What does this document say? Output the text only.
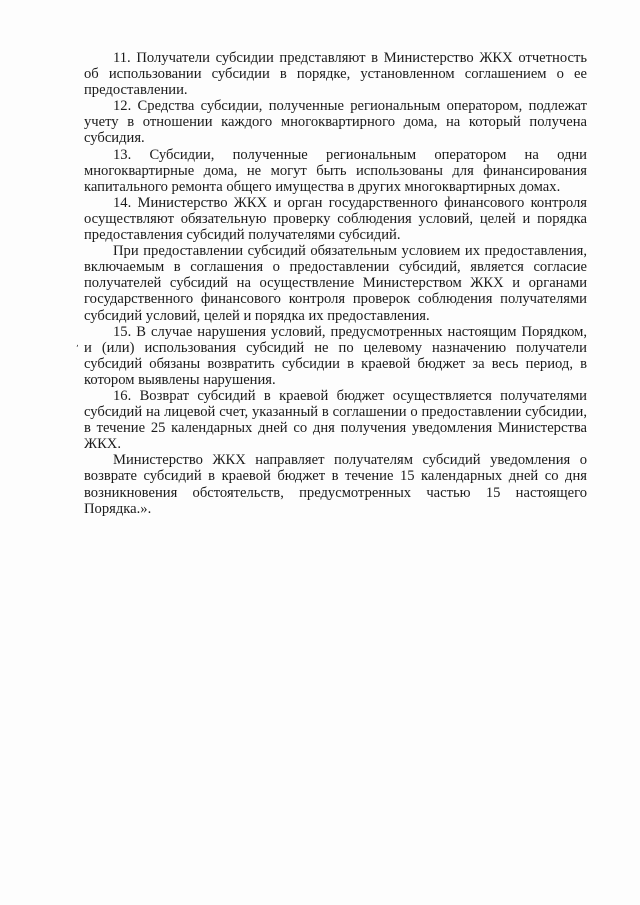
11. Получатели субсидии представляют в Министерство ЖКХ отчетность об использовании субсидии в порядке, установленном соглашением о ее предоставлении.

12. Средства субсидии, полученные региональным оператором, подлежат учету в отношении каждого многоквартирного дома, на который получена субсидия.

13. Субсидии, полученные региональным оператором на одни многоквартирные дома, не могут быть использованы для финансирования капитального ремонта общего имущества в других многоквартирных домах.

14. Министерство ЖКХ и орган государственного финансового контроля осуществляют обязательную проверку соблюдения условий, целей и порядка предоставления субсидий получателями субсидий.

При предоставлении субсидий обязательным условием их предоставления, включаемым в соглашения о предоставлении субсидий, является согласие получателей субсидий на осуществление Министерством ЖКХ и органами государственного финансового контроля проверок соблюдения получателями субсидий условий, целей и порядка их предоставления.

15. В случае нарушения условий, предусмотренных настоящим Порядком, и (или) использования субсидий не по целевому назначению получатели субсидий обязаны возвратить субсидии в краевой бюджет за весь период, в котором выявлены нарушения.

16. Возврат субсидий в краевой бюджет осуществляется получателями субсидий на лицевой счет, указанный в соглашении о предоставлении субсидии, в течение 25 календарных дней со дня получения уведомления Министерства ЖКХ.

Министерство ЖКХ направляет получателям субсидий уведомления о возврате субсидий в краевой бюджет в течение 15 календарных дней со дня возникновения обстоятельств, предусмотренных частью 15 настоящего Порядка.».

,
